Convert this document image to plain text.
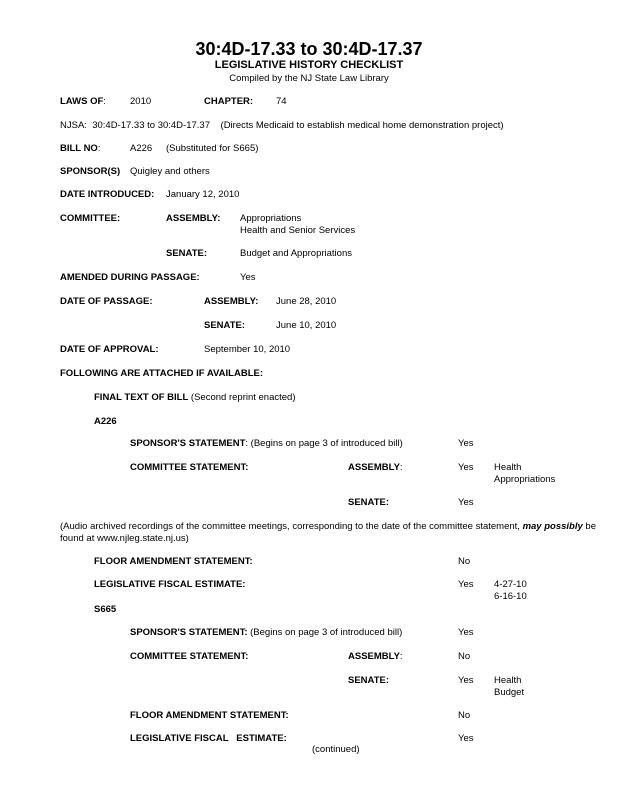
30:4D-17.33 to 30:4D-17.37
LEGISLATIVE HISTORY CHECKLIST
Compiled by the NJ State Law Library
LAWS OF:	2010	CHAPTER: 74
NJSA:  30:4D-17.33 to 30:4D-17.37    (Directs Medicaid to establish medical home demonstration project)
BILL NO:	A226 (Substituted for S665)
SPONSOR(S) Quigley and others
DATE INTRODUCED: January 12, 2010
COMMITTEE:	ASSEMBLY: Appropriations
Health and Senior Services
SENATE:	Budget and Appropriations
AMENDED DURING PASSAGE:	Yes
DATE OF PASSAGE:	ASSEMBLY: June 28, 2010
SENATE:	June 10, 2010
DATE OF APPROVAL:	September 10, 2010
FOLLOWING ARE ATTACHED IF AVAILABLE:
FINAL TEXT OF BILL (Second reprint enacted)
A226
SPONSOR'S STATEMENT: (Begins on page 3 of introduced bill)	Yes
COMMITTEE STATEMENT:	ASSEMBLY:	Yes Health
Appropriations
SENATE:	Yes
(Audio archived recordings of the committee meetings, corresponding to the date of the committee statement, may possibly be found at www.njleg.state.nj.us)
FLOOR AMENDMENT STATEMENT:	No
LEGISLATIVE FISCAL ESTIMATE:	Yes 4-27-10
6-16-10
S665
SPONSOR'S STATEMENT: (Begins on page 3 of introduced bill)	Yes
COMMITTEE STATEMENT:	ASSEMBLY:	No
SENATE:	Yes Health
Budget
FLOOR AMENDMENT STATEMENT:	No
LEGISLATIVE FISCAL   ESTIMATE:	Yes
(continued)
